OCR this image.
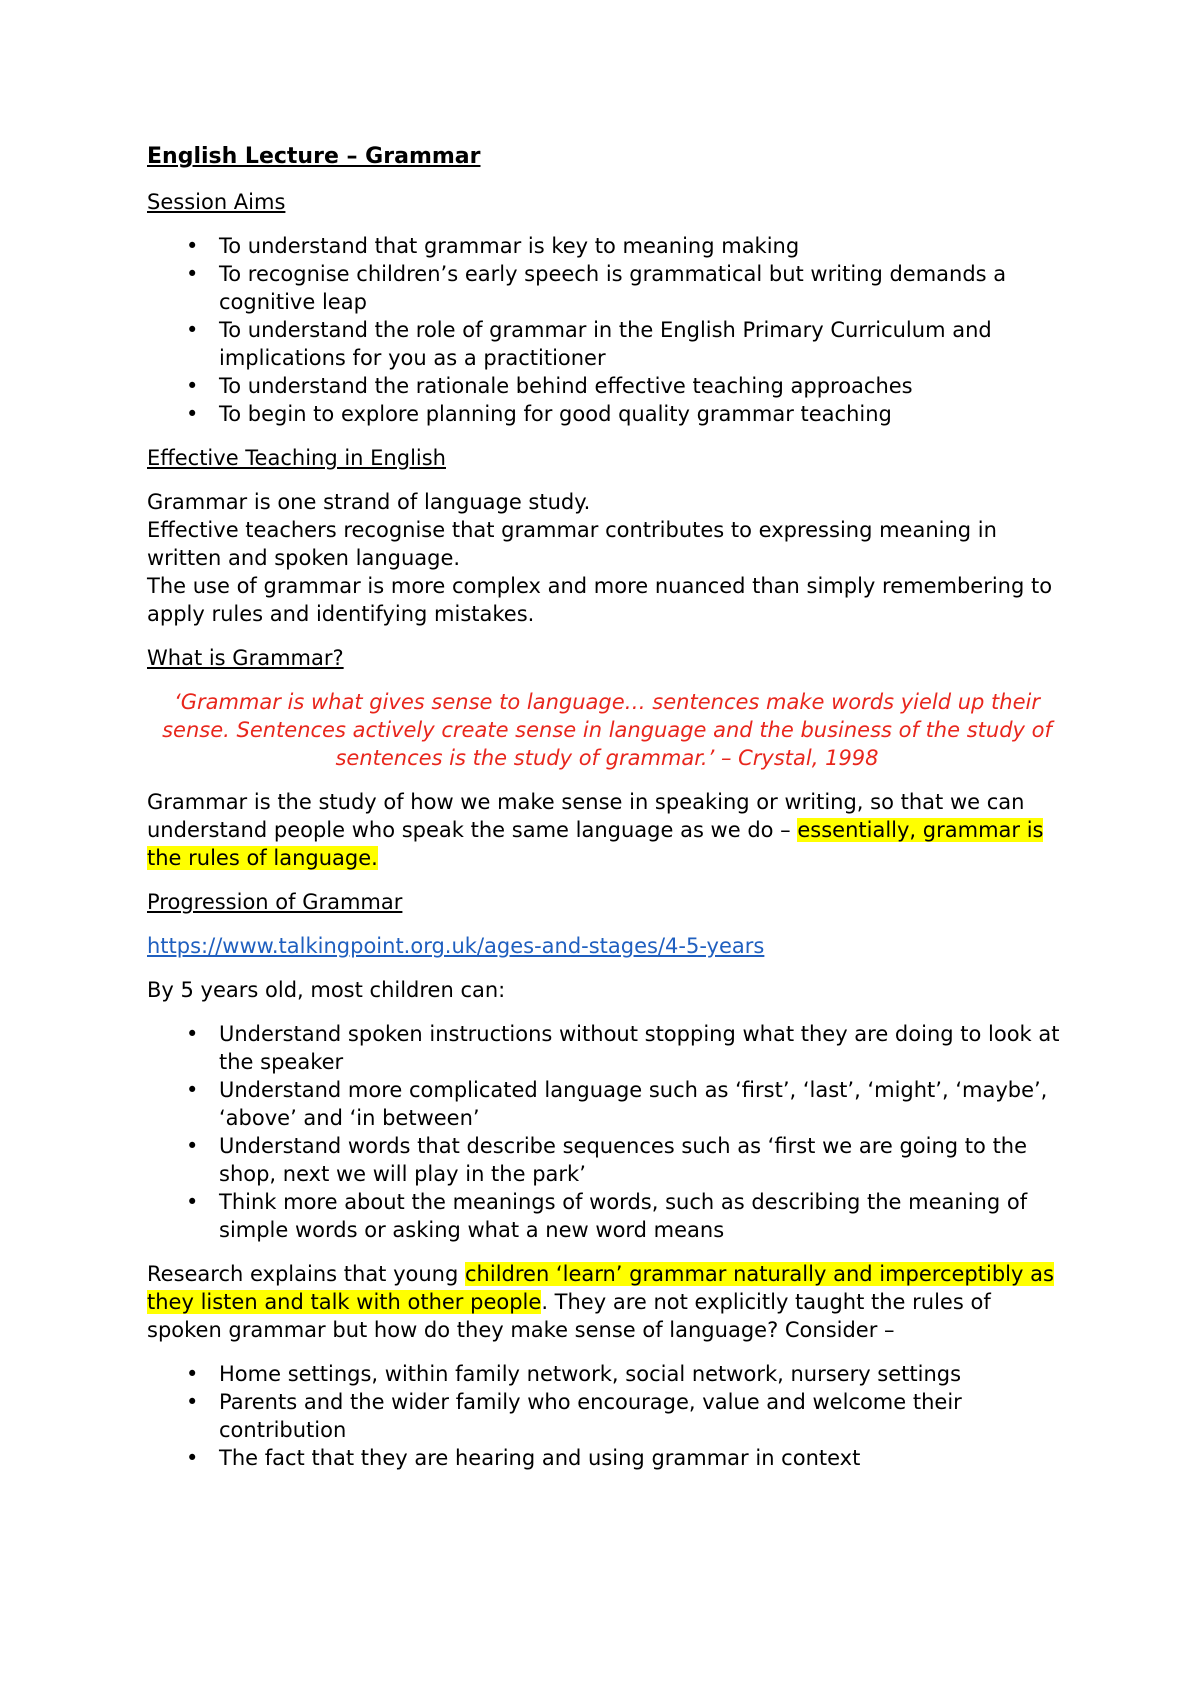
English Lecture – Grammar
Session Aims
• To understand that grammar is key to meaning making
• To recognise children’s early speech is grammatical but writing demands a cognitive leap
• To understand the role of grammar in the English Primary Curriculum and implications for you as a practitioner
• To understand the rationale behind effective teaching approaches
• To begin to explore planning for good quality grammar teaching
Effective Teaching in English

Grammar is one strand of language study.
Effective teachers recognise that grammar contributes to expressing meaning in written and spoken language.
The use of grammar is more complex and more nuanced than simply remembering to apply rules and identifying mistakes.

What is Grammar?

‘Grammar is what gives sense to language… sentences make words yield up their sense. Sentences actively create sense in language and the business of the study of sentences is the study of grammar.’ – Crystal, 1998

Grammar is the study of how we make sense in speaking or writing, so that we can understand people who speak the same language as we do – essentially, grammar is the rules of language.

Progression of Grammar

https://www.talkingpoint.org.uk/ages-and-stages/4-5-years

By 5 years old, most children can:

• Understand spoken instructions without stopping what they are doing to look at the speaker
• Understand more complicated language such as ‘first’, ‘last’, ‘might’, ‘maybe’, ‘above’ and ‘in between’
• Understand words that describe sequences such as ‘first we are going to the shop, next we will play in the park’
• Think more about the meanings of words, such as describing the meaning of simple words or asking what a new word means

Research explains that young children ‘learn’ grammar naturally and imperceptibly as they listen and talk with other people. They are not explicitly taught the rules of spoken grammar but how do they make sense of language? Consider –

• Home settings, within family network, social network, nursery settings
• Parents and the wider family who encourage, value and welcome their contribution
• The fact that they are hearing and using grammar in context
